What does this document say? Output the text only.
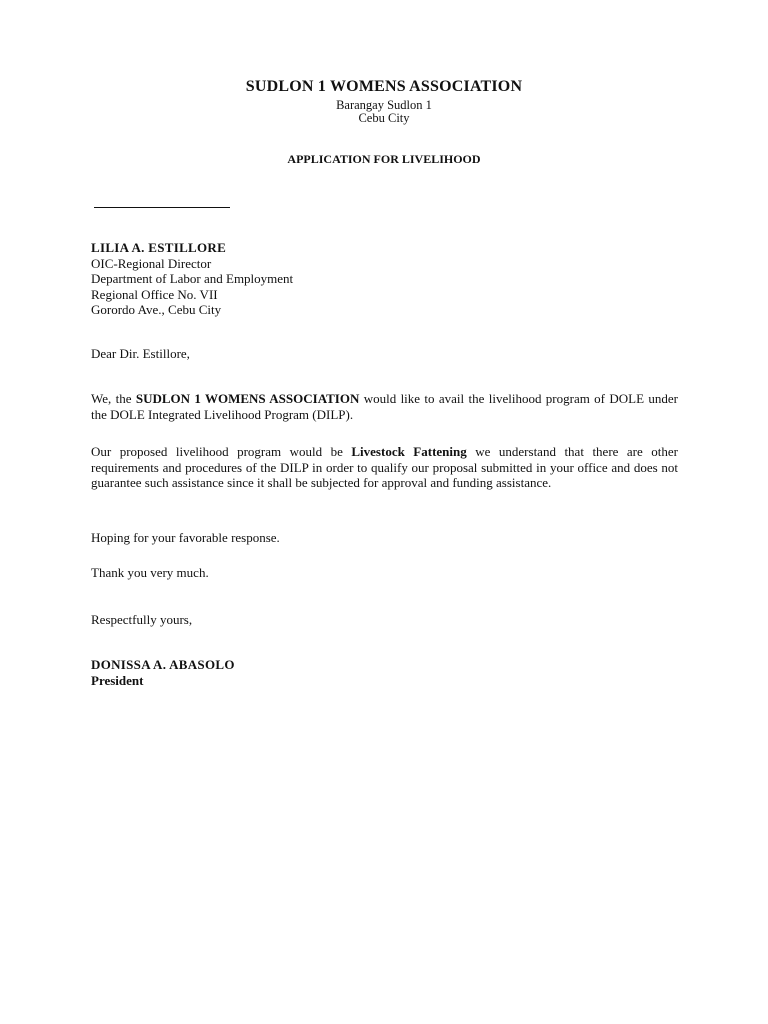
SUDLON 1 WOMENS ASSOCIATION
Barangay Sudlon 1
Cebu City
APPLICATION FOR LIVELIHOOD
LILIA A. ESTILLORE
OIC-Regional Director
Department of Labor and Employment
Regional Office No. VII
Gorordo Ave., Cebu City
Dear Dir. Estillore,
We, the SUDLON 1 WOMENS ASSOCIATION would like to avail the livelihood program of DOLE under the DOLE Integrated Livelihood Program (DILP).
Our proposed livelihood program would be Livestock Fattening we understand that there are other requirements and procedures of the DILP in order to qualify our proposal submitted in your office and does not guarantee such assistance since it shall be subjected for approval and funding assistance.
Hoping for your favorable response.
Thank you very much.
Respectfully yours,
DONISSA A. ABASOLO
President
